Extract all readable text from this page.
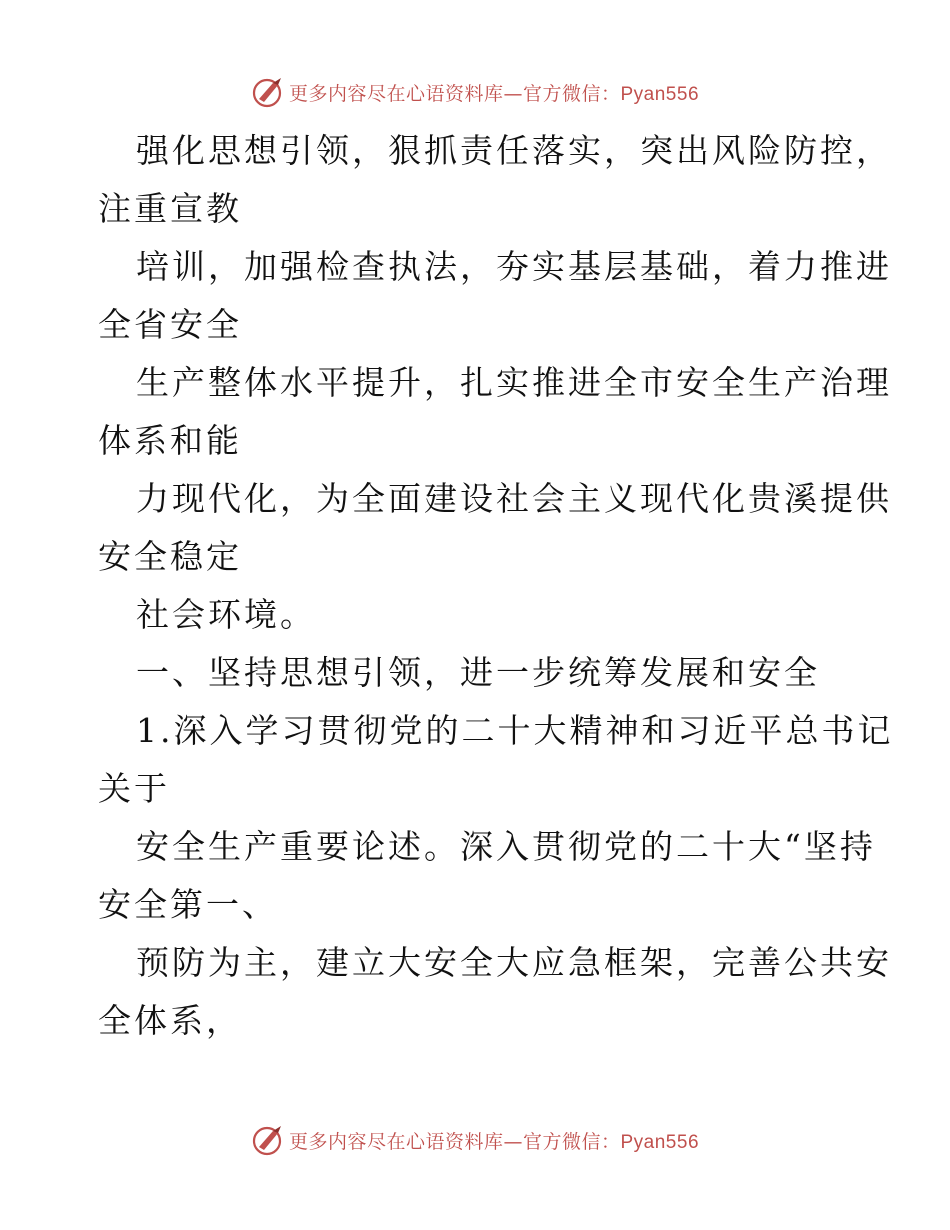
更多内容尽在心语资料库—官方微信：Pyan556
强化思想引领，狠抓责任落实，突出风险防控，
注重宣教
培训，加强检查执法，夯实基层基础，着力推进
全省安全
生产整体水平提升，扎实推进全市安全生产治理
体系和能
力现代化，为全面建设社会主义现代化贵溪提供
安全稳定
社会环境。
一、坚持思想引领，进一步统筹发展和安全
1.深入学习贯彻党的二十大精神和习近平总书记
关于
安全生产重要论述。深入贯彻党的二十大“坚持
安全第一、
预防为主，建立大安全大应急框架，完善公共安
全体系，
更多内容尽在心语资料库—官方微信：Pyan556
